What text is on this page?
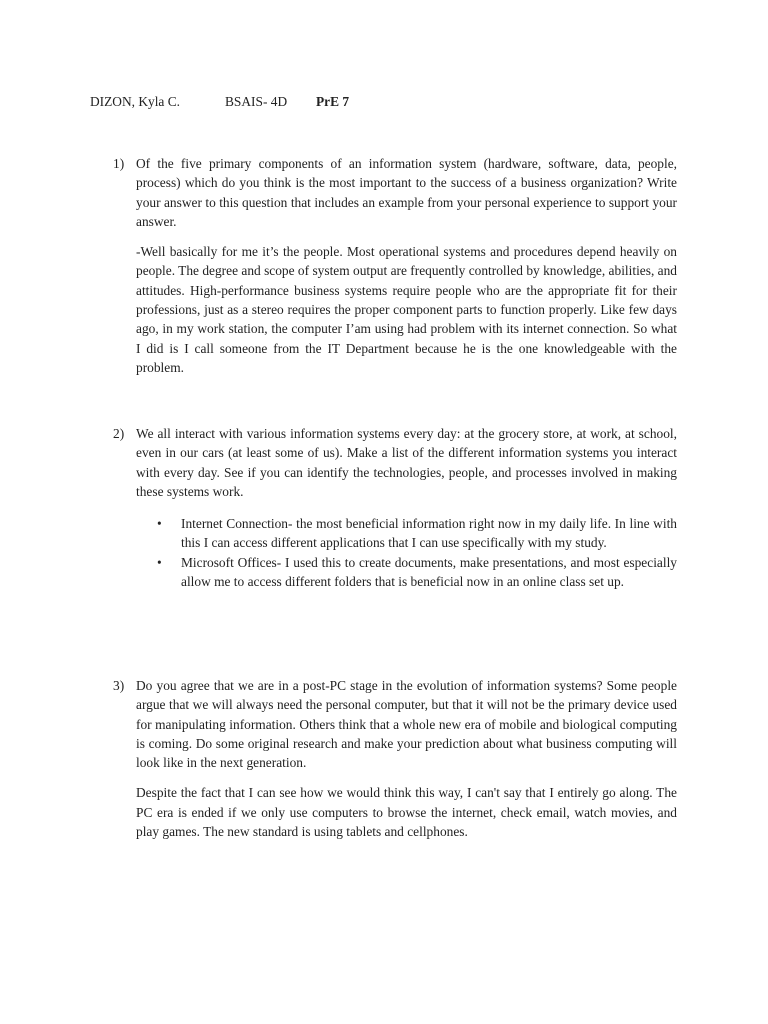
DIZON, Kyla C.	BSAIS- 4D PrE 7
1) Of the five primary components of an information system (hardware, software, data, people, process) which do you think is the most important to the success of a business organization? Write your answer to this question that includes an example from your personal experience to support your answer.

-Well basically for me it’s the people. Most operational systems and procedures depend heavily on people. The degree and scope of system output are frequently controlled by knowledge, abilities, and attitudes. High-performance business systems require people who are the appropriate fit for their professions, just as a stereo requires the proper component parts to function properly. Like few days ago, in my work station, the computer I’am using had problem with its internet connection. So what I did is I call someone from the IT Department because he is the one knowledgeable with the problem.

2) We all interact with various information systems every day: at the grocery store, at work, at school, even in our cars (at least some of us). Make a list of the different information systems you interact with every day. See if you can identify the technologies, people, and processes involved in making these systems work.

• Internet Connection- the most beneficial information right now in my daily life. In line with this I can access different applications that I can use specifically with my study.
• Microsoft Offices- I used this to create documents, make presentations, and most especially allow me to access different folders that is beneficial now in an online class set up.
3) Do you agree that we are in a post-PC stage in the evolution of information systems? Some people argue that we will always need the personal computer, but that it will not be the primary device used for manipulating information. Others think that a whole new era of mobile and biological computing is coming. Do some original research and make your prediction about what business computing will look like in the next generation.

Despite the fact that I can see how we would think this way, I can't say that I entirely go along. The PC era is ended if we only use computers to browse the internet, check email, watch movies, and play games. The new standard is using tablets and cellphones.
